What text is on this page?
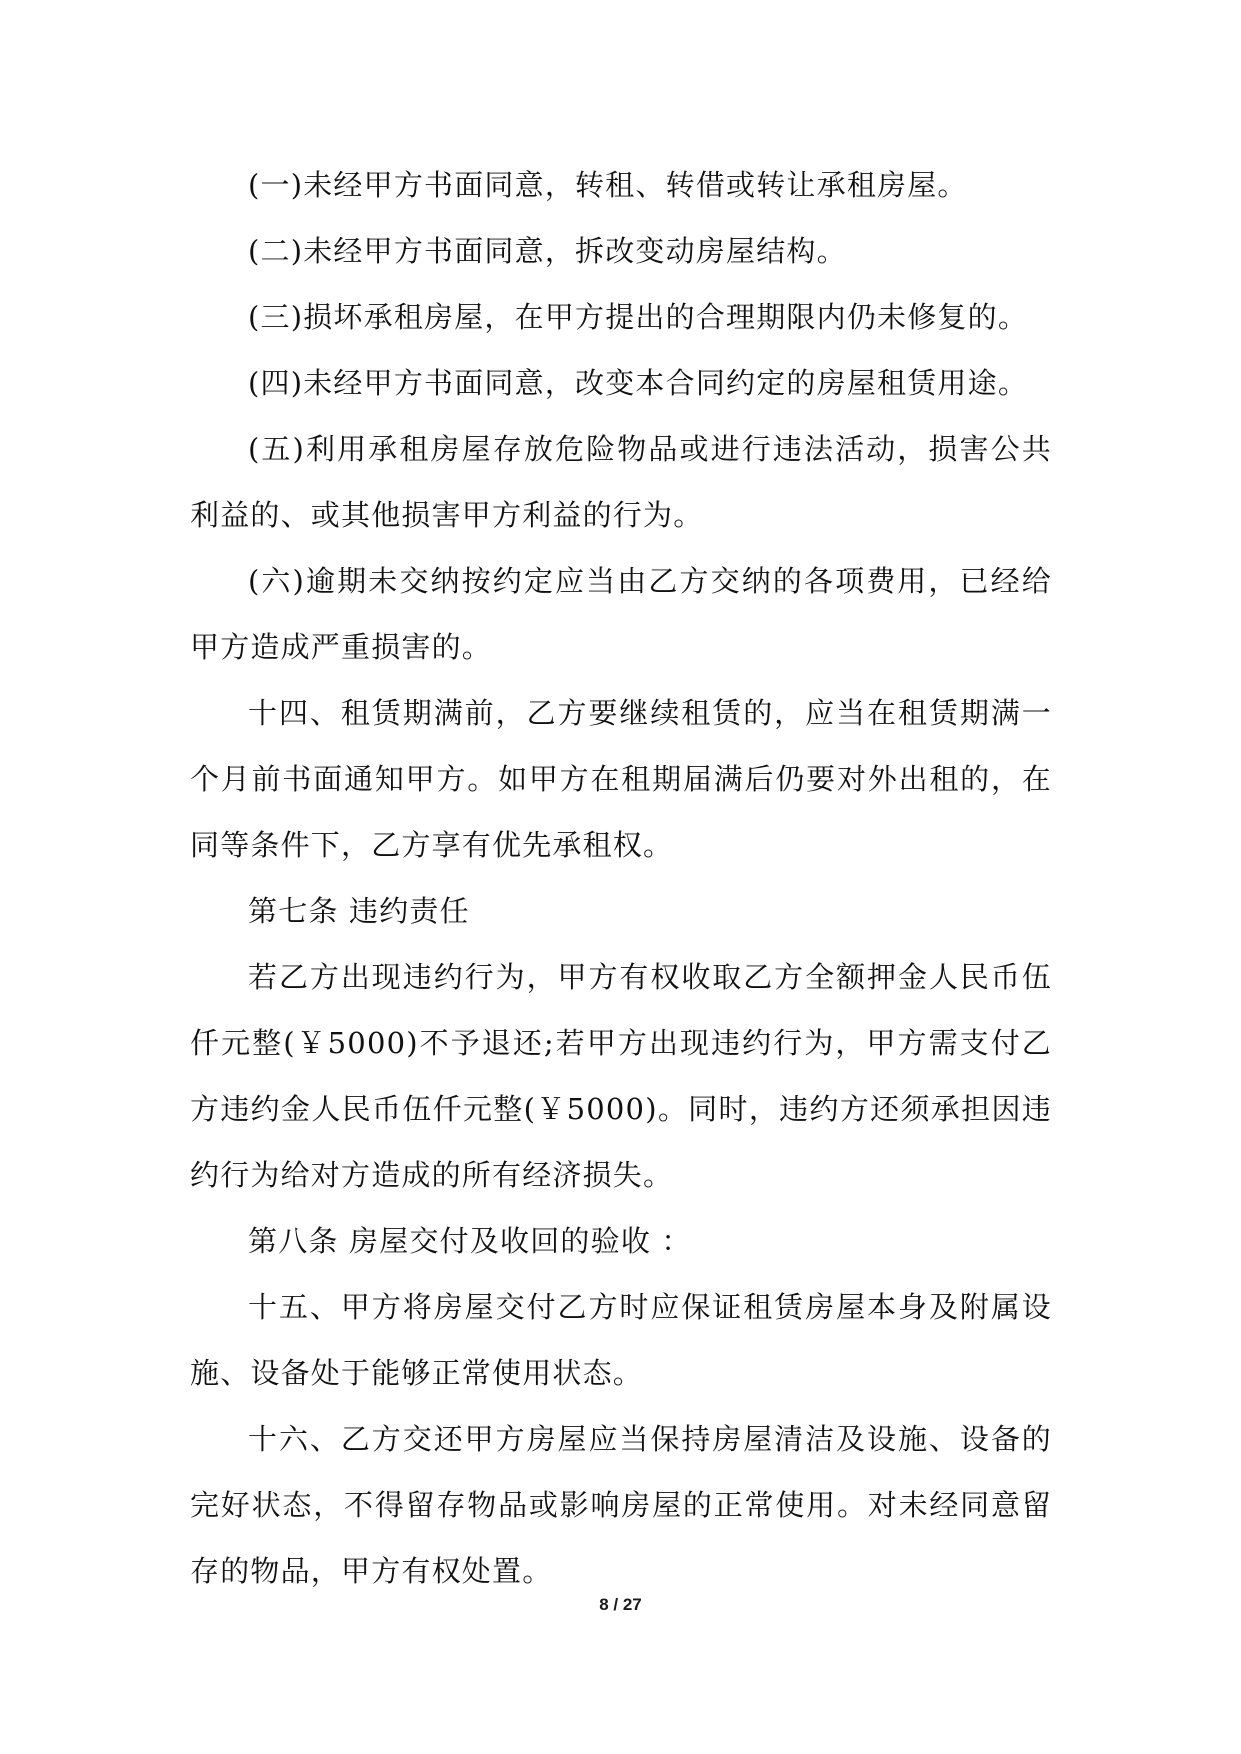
(一)未经甲方书面同意，转租、转借或转让承租房屋。

(二)未经甲方书面同意，拆改变动房屋结构。

(三)损坏承租房屋，在甲方提出的合理期限内仍未修复的。

(四)未经甲方书面同意，改变本合同约定的房屋租赁用途。

(五)利用承租房屋存放危险物品或进行违法活动，损害公共利益的、或其他损害甲方利益的行为。

(六)逾期未交纳按约定应当由乙方交纳的各项费用，已经给甲方造成严重损害的。

十四、租赁期满前，乙方要继续租赁的，应当在租赁期满一个月前书面通知甲方。如甲方在租期届满后仍要对外出租的，在同等条件下，乙方享有优先承租权。

第七条 违约责任

若乙方出现违约行为，甲方有权收取乙方全额押金人民币伍仟元整(￥5000)不予退还;若甲方出现违约行为，甲方需支付乙方违约金人民币伍仟元整(￥5000)。同时，违约方还须承担因违约行为给对方造成的所有经济损失。

第八条 房屋交付及收回的验收 ：

十五、甲方将房屋交付乙方时应保证租赁房屋本身及附属设施、设备处于能够正常使用状态。

十六、乙方交还甲方房屋应当保持房屋清洁及设施、设备的完好状态，不得留存物品或影响房屋的正常使用。对未经同意留存的物品，甲方有权处置。

8 / 27
